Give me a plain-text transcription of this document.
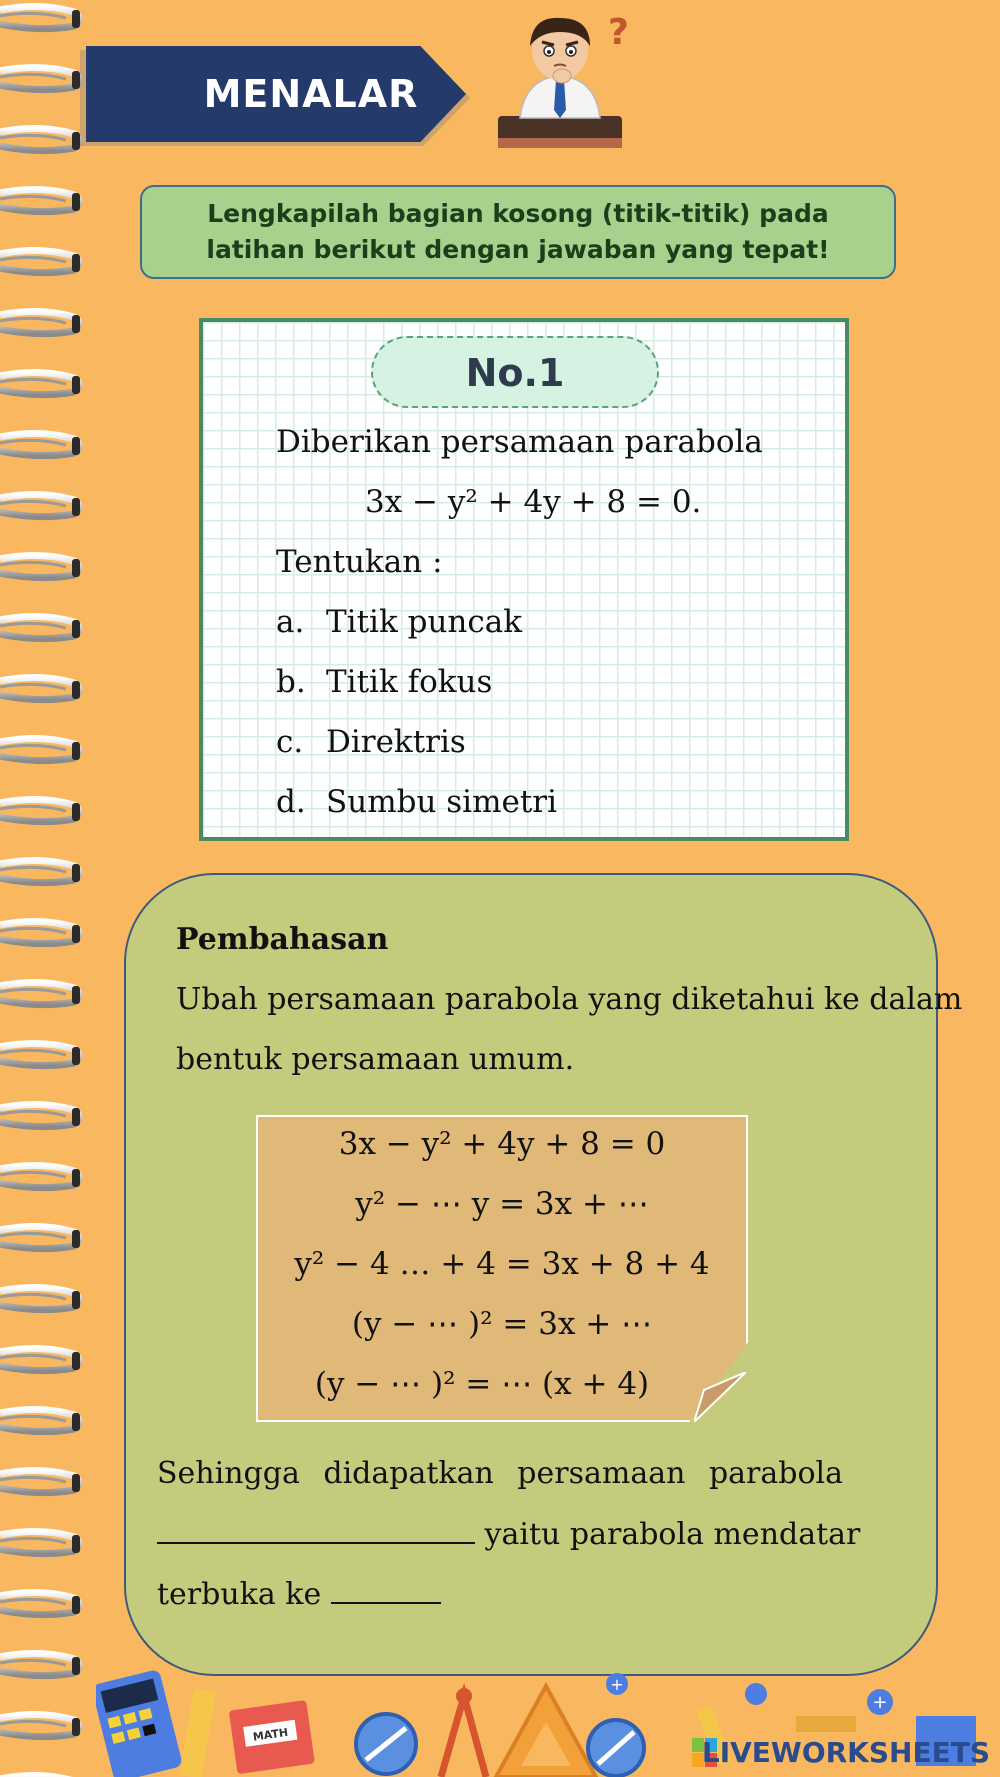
MENALAR
?
Lengkapilah bagian kosong (titik-titik) pada
latihan berikut dengan jawaban yang tepat!
No.1
Diberikan persamaan parabola
3x − y² + 4y + 8 = 0.
Tentukan :
a. Titik puncak
b. Titik fokus
c. Direktris
d. Sumbu simetri
Pembahasan
Ubah persamaan parabola yang diketahui ke dalam
bentuk persamaan umum.
3x − y² + 4y + 8 = 0
y² − ⋯ y = 3x + ⋯
y² − 4 … + 4 = 3x + 8 + 4
(y − ⋯ )² = 3x + ⋯
(y − ⋯ )² = ⋯ (x + 4)
Sehingga didapatkan persamaan parabola
yaitu parabola mendatar
terbuka ke
MATH
+
+
LIVEWORKSHEETS
